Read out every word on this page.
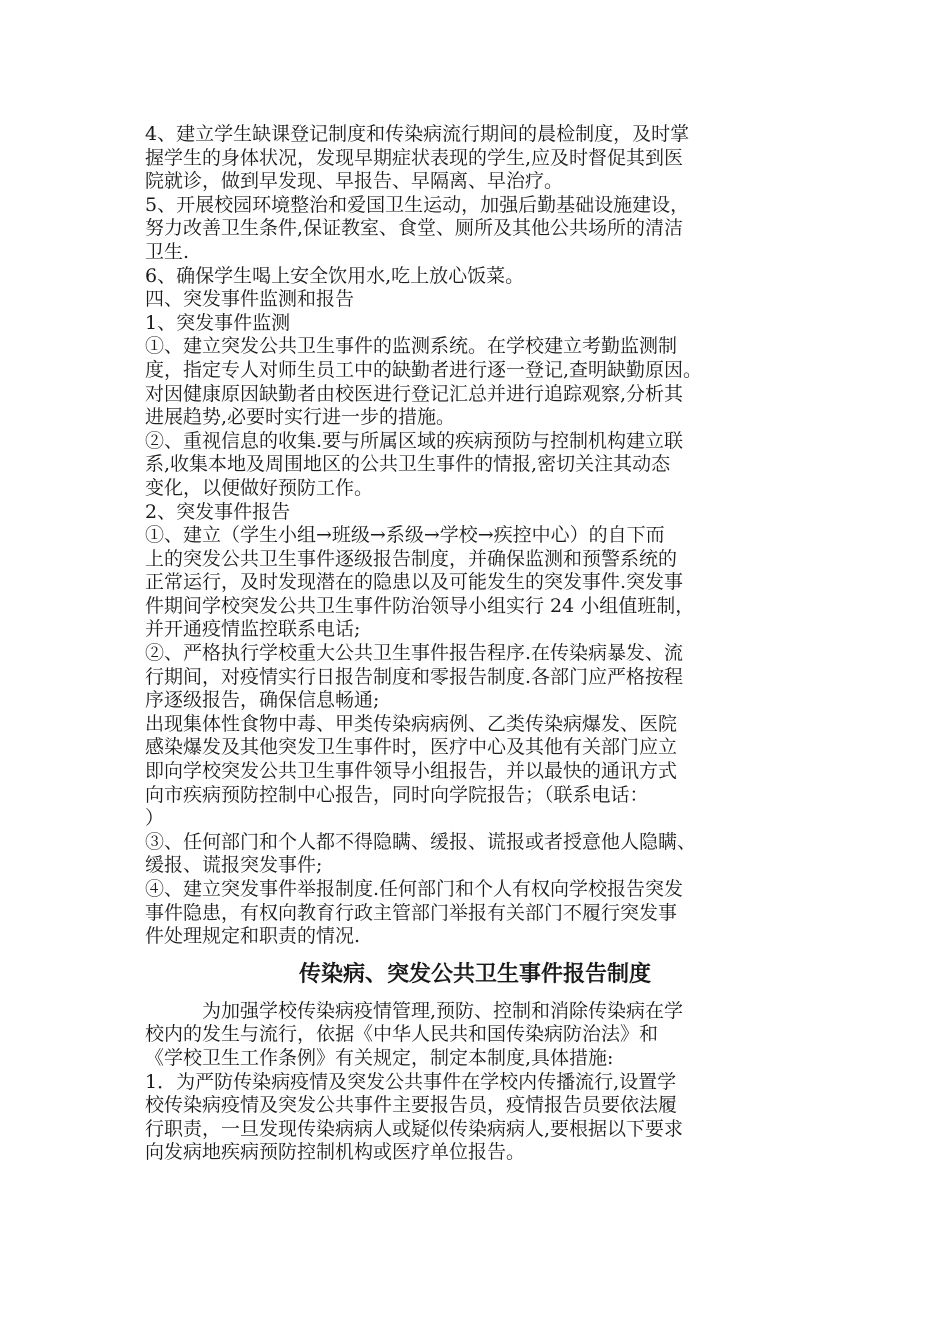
4、建立学生缺课登记制度和传染病流行期间的晨检制度，及时掌
握学生的身体状况，发现早期症状表现的学生,应及时督促其到医
院就诊，做到早发现、早报告、早隔离、早治疗。
5、开展校园环境整治和爱国卫生运动，加强后勤基础设施建设，
努力改善卫生条件,保证教室、食堂、厕所及其他公共场所的清洁
卫生.
6、确保学生喝上安全饮用水,吃上放心饭菜。
四、突发事件监测和报告
1、突发事件监测
①、建立突发公共卫生事件的监测系统。在学校建立考勤监测制
度，指定专人对师生员工中的缺勤者进行逐一登记,查明缺勤原因。
对因健康原因缺勤者由校医进行登记汇总并进行追踪观察,分析其
进展趋势,必要时实行进一步的措施。
②、重视信息的收集.要与所属区域的疾病预防与控制机构建立联
系,收集本地及周围地区的公共卫生事件的情报,密切关注其动态
变化，以便做好预防工作。
2、突发事件报告
①、建立（学生小组→班级→系级→学校→疾控中心）的自下而
上的突发公共卫生事件逐级报告制度，并确保监测和预警系统的
正常运行，及时发现潜在的隐患以及可能发生的突发事件.突发事
件期间学校突发公共卫生事件防治领导小组实行 24 小组值班制，
并开通疫情监控联系电话;
②、严格执行学校重大公共卫生事件报告程序.在传染病暴发、流
行期间，对疫情实行日报告制度和零报告制度.各部门应严格按程
序逐级报告，确保信息畅通;
出现集体性食物中毒、甲类传染病病例、乙类传染病爆发、医院
感染爆发及其他突发卫生事件时，医疗中心及其他有关部门应立
即向学校突发公共卫生事件领导小组报告，并以最快的通讯方式
向市疾病预防控制中心报告，同时向学院报告；（联系电话：
）
③、任何部门和个人都不得隐瞒、缓报、谎报或者授意他人隐瞒、
缓报、谎报突发事件;
④、建立突发事件举报制度.任何部门和个人有权向学校报告突发
事件隐患，有权向教育行政主管部门举报有关部门不履行突发事
件处理规定和职责的情况.
传染病、突发公共卫生事件报告制度
　　　为加强学校传染病疫情管理,预防、控制和消除传染病在学
校内的发生与流行，依据《中华人民共和国传染病防治法》和
《学校卫生工作条例》有关规定，制定本制度,具体措施:
1．为严防传染病疫情及突发公共事件在学校内传播流行,设置学
校传染病疫情及突发公共事件主要报告员，疫情报告员要依法履
行职责，一旦发现传染病病人或疑似传染病病人,要根据以下要求
向发病地疾病预防控制机构或医疗单位报告。
